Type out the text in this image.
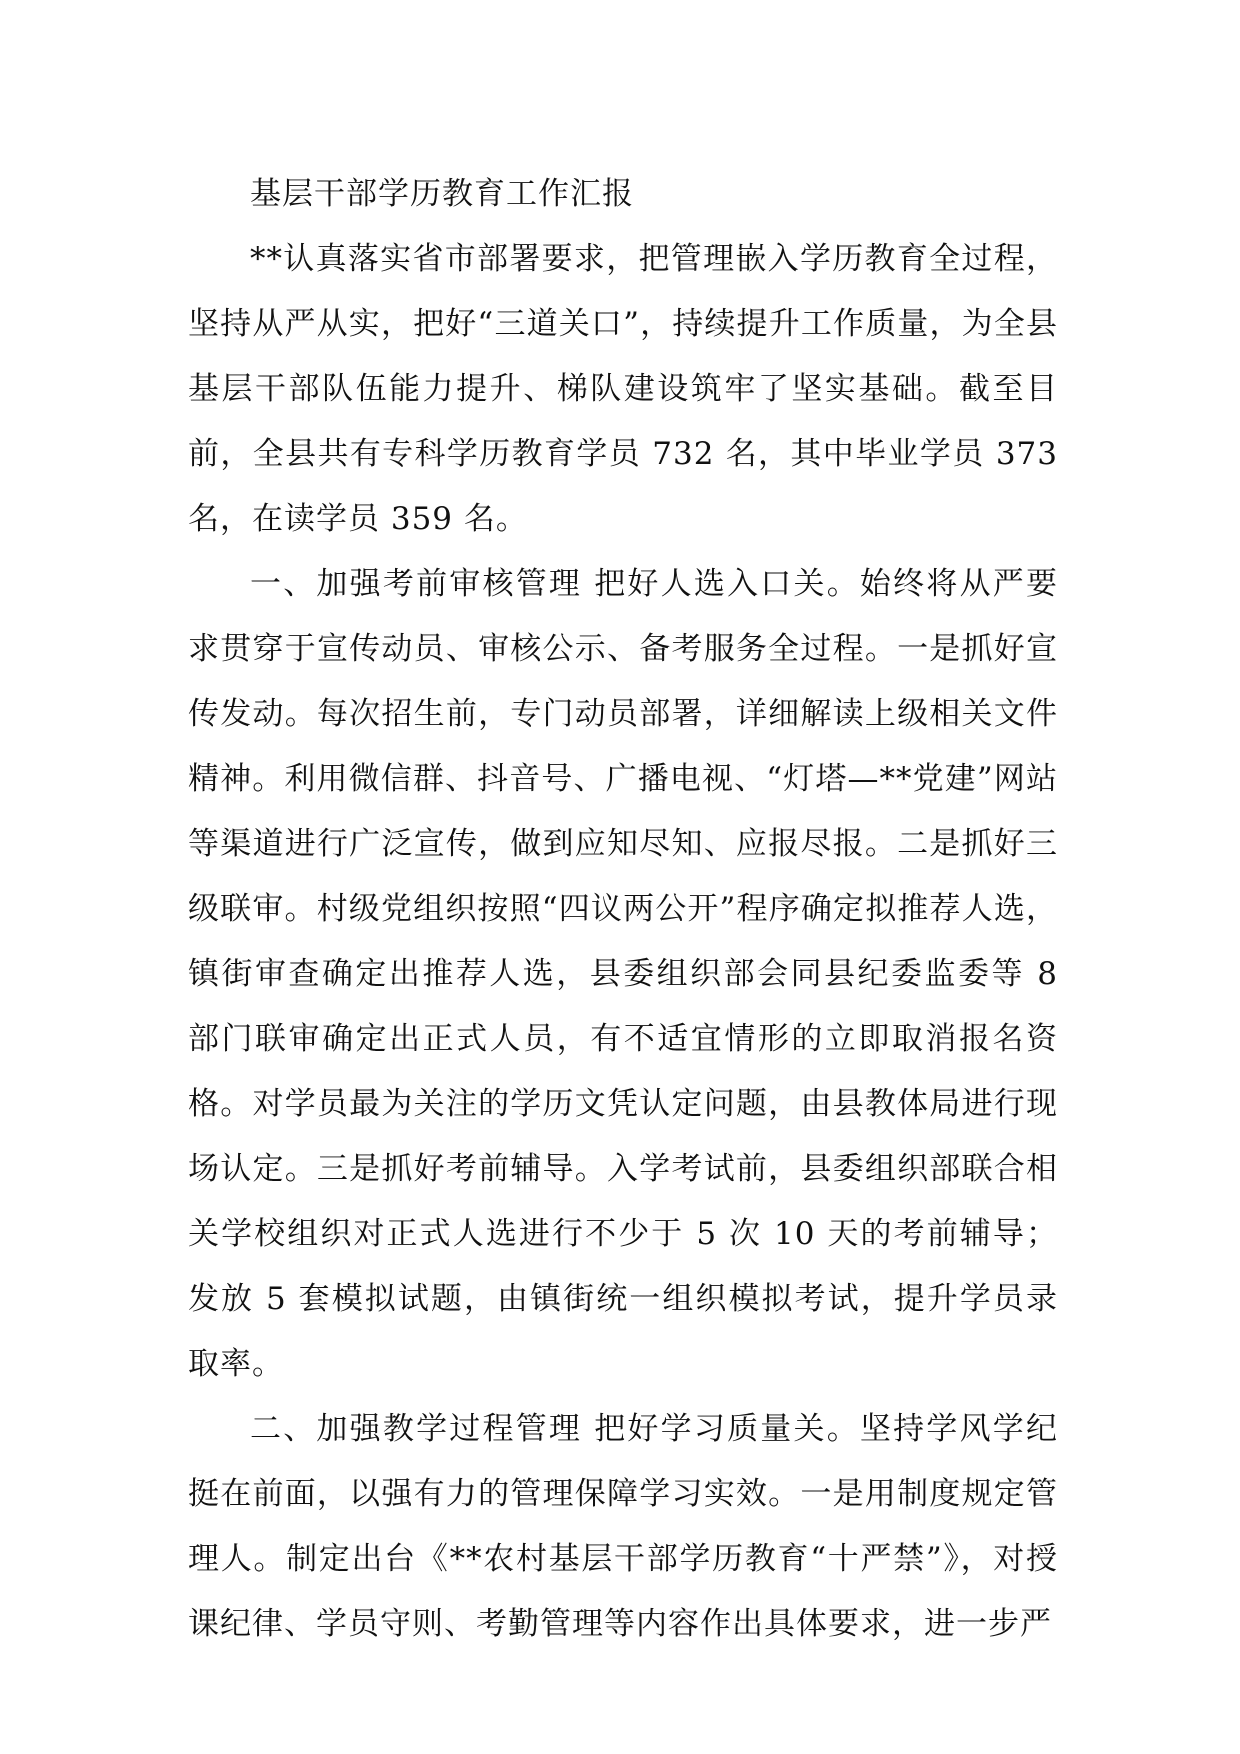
基层干部学历教育工作汇报

**认真落实省市部署要求，把管理嵌入学历教育全过程，坚持从严从实，把好“三道关口”，持续提升工作质量，为全县基层干部队伍能力提升、梯队建设筑牢了坚实基础。截至目前，全县共有专科学历教育学员 732 名，其中毕业学员 373 名，在读学员 359 名。

一、加强考前审核管理 把好人选入口关。始终将从严要求贯穿于宣传动员、审核公示、备考服务全过程。一是抓好宣传发动。每次招生前，专门动员部署，详细解读上级相关文件精神。利用微信群、抖音号、广播电视、“灯塔—**党建”网站等渠道进行广泛宣传，做到应知尽知、应报尽报。二是抓好三级联审。村级党组织按照“四议两公开”程序确定拟推荐人选，镇街审查确定出推荐人选，县委组织部会同县纪委监委等 8 部门联审确定出正式人员，有不适宜情形的立即取消报名资格。对学员最为关注的学历文凭认定问题，由县教体局进行现场认定。三是抓好考前辅导。入学考试前，县委组织部联合相关学校组织对正式人选进行不少于 5 次 10 天的考前辅导；发放 5 套模拟试题，由镇街统一组织模拟考试，提升学员录取率。

二、加强教学过程管理 把好学习质量关。坚持学风学纪挺在前面，以强有力的管理保障学习实效。一是用制度规定管理人。制定出台《**农村基层干部学历教育“十严禁”》，对授课纪律、学员守则、考勤管理等内容作出具体要求，进一步严
